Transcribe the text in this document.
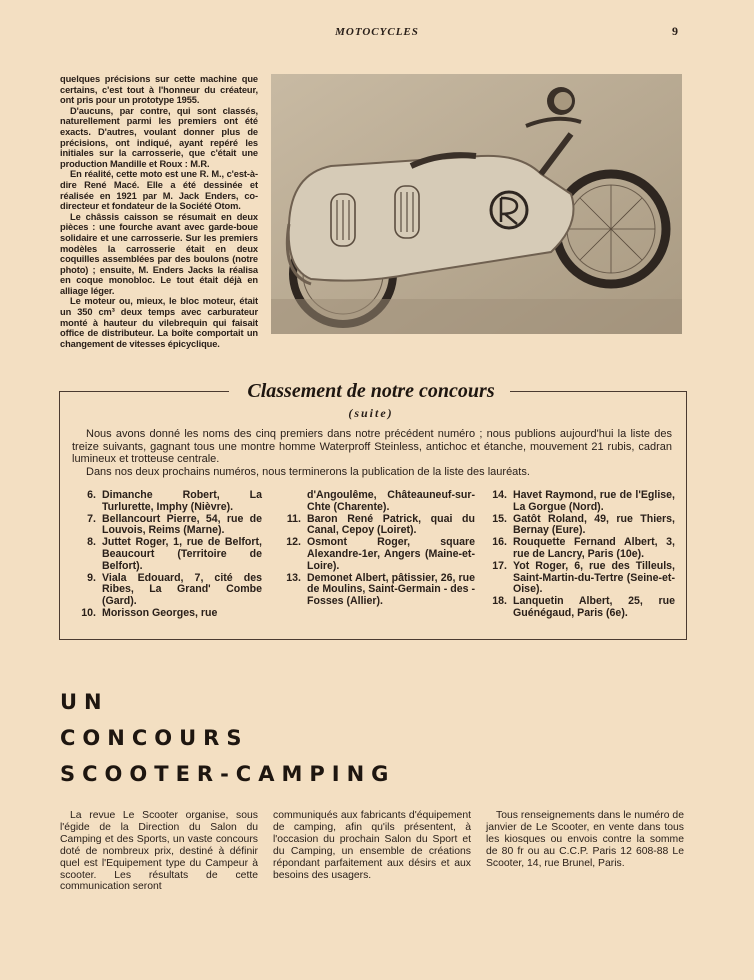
MOTOCYCLES	9

quelques précisions sur cette machine que certains, c'est tout à l'honneur du créateur, ont pris pour un prototype 1955.

D'aucuns, par contre, qui sont classés, naturellement parmi les premiers ont été exacts. D'autres, voulant donner plus de précisions, ont indiqué, ayant repéré les initiales sur la carrosserie, que c'était une production Mandille et Roux : M.R.

En réalité, cette moto est une R. M., c'est-à-dire René Macé. Elle a été dessinée et réalisée en 1921 par M. Jack Enders, co-directeur et fondateur de la Société Otom.

Le châssis caisson se résumait en deux pièces : une fourche avant avec garde-boue solidaire et une carrosserie. Sur les premiers modèles la carrosserie était en deux coquilles assemblées par des boulons (notre photo) ; ensuite, M. Enders Jacks la réalisa en coque monobloc. Le tout était déjà en alliage léger.

Le moteur ou, mieux, le bloc moteur, était un 350 cm³ deux temps avec carburateur monté à hauteur du vilebrequin qui faisait office de distributeur. La boîte comportait un changement de vitesses épicyclique.

Classement de notre concours
(suite)

Nous avons donné les noms des cinq premiers dans notre précédent numéro ; nous publions aujourd'hui la liste des treize suivants, gagnant tous une montre homme Waterproff Steinless, antichoc et étanche, mouvement 21 rubis, cadran lumineux et trotteuse centrale.

Dans nos deux prochains numéros, nous terminerons la publication de la liste des lauréats.

6. Dimanche Robert, La Turlurette, Imphy (Nièvre).
7. Bellancourt Pierre, 54, rue de Louvois, Reims (Marne).
8. Juttet Roger, 1, rue de Belfort, Beaucourt (Territoire de Belfort).
9. Viala Edouard, 7, cité des Ribes, La Grand' Combe (Gard).
10. Morisson Georges, rue
d'Angoulême, Châteauneuf-sur-Chte (Charente).
11. Baron René Patrick, quai du Canal, Cepoy (Loiret).
12. Osmont Roger, square Alexandre-1er, Angers (Maine-et-Loire).
13. Demonet Albert, pâtissier, 26, rue de Moulins, Saint-Germain - des - Fosses (Allier).
14. Havet Raymond, rue de l'Eglise, La Gorgue (Nord).
15. Gatôt Roland, 49, rue Thiers, Bernay (Eure).
16. Rouquette Fernand Albert, 3, rue de Lancry, Paris (10e).
17. Yot Roger, 6, rue des Tilleuls, Saint-Martin-du-Tertre (Seine-et-Oise).
18. Lanquetin Albert, 25, rue Guénégaud, Paris (6e).
UN
CONCOURS
SCOOTER-CAMPING

La revue Le Scooter organise, sous l'égide de la Direction du Salon du Camping et des Sports, un vaste concours doté de nombreux prix, destiné à définir quel est l'Equipement type du Campeur à scooter. Les résultats de cette communication seront

communiqués aux fabricants d'équipement de camping, afin qu'ils présentent, à l'occasion du prochain Salon du Sport et du Camping, un ensemble de créations répondant parfaitement aux désirs et aux besoins des usagers.

Tous renseignements dans le numéro de janvier de Le Scooter, en vente dans tous les kiosques ou envois contre la somme de 80 fr ou au C.C.P. Paris 12 608-88 Le Scooter, 14, rue Brunel, Paris.
